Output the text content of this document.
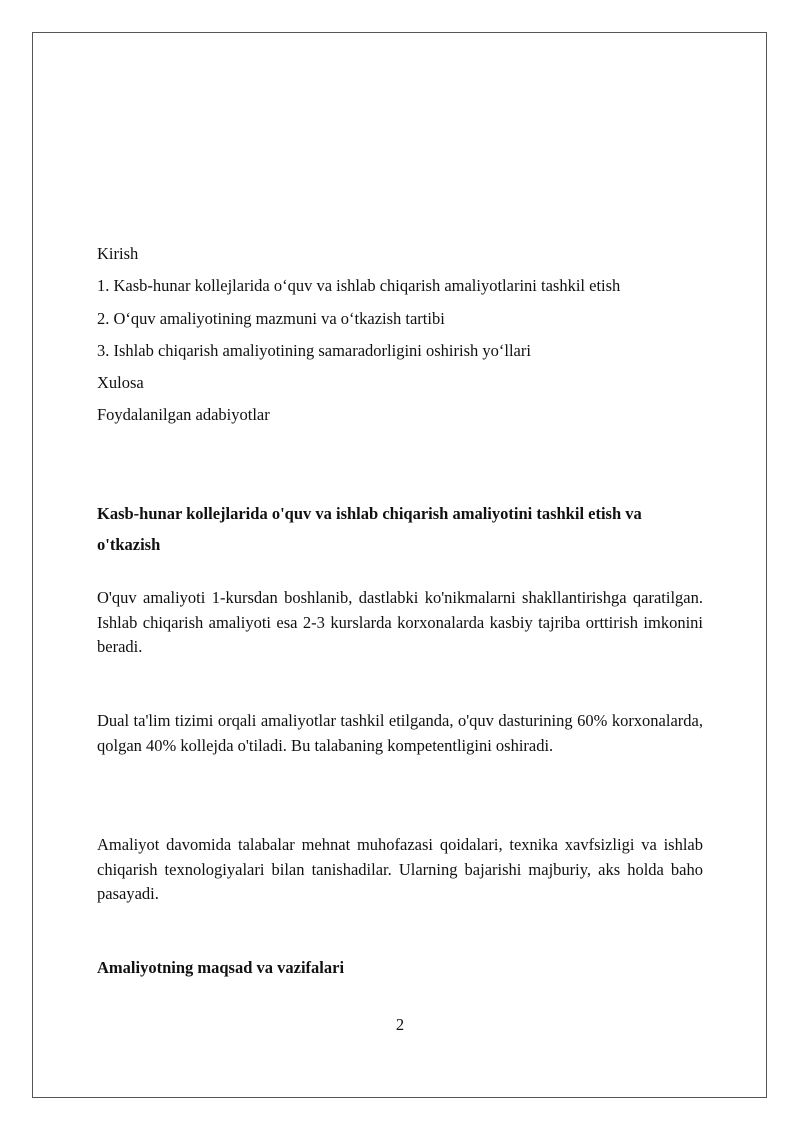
Kirish
1. Kasb-hunar kollejlarida o‘quv va ishlab chiqarish amaliyotlarini tashkil etish
2. O‘quv amaliyotining mazmuni va o‘tkazish tartibi
3. Ishlab chiqarish amaliyotining samaradorligini oshirish yo‘llari
Xulosa
Foydalanilgan adabiyotlar
Kasb-hunar kollejlarida o'quv va ishlab chiqarish amaliyotini tashkil etish va o'tkazish
O'quv amaliyoti 1-kursdan boshlanib, dastlabki ko'nikmalarni shakllantirishga qaratilgan. Ishlab chiqarish amaliyoti esa 2-3 kurslarda korxonalarda kasbiy tajriba orttirish imkonini beradi.
Dual ta'lim tizimi orqali amaliyotlar tashkil etilganda, o'quv dasturining 60% korxonalarda, qolgan 40% kollejda o'tiladi. Bu talabaning kompetentligini oshiradi.
Amaliyot davomida talabalar mehnat muhofazasi qoidalari, texnika xavfsizligi va ishlab chiqarish texnologiyalari bilan tanishadilar. Ularning bajarishi majburiy, aks holda baho pasayadi.
Amaliyotning maqsad va vazifalari
2
